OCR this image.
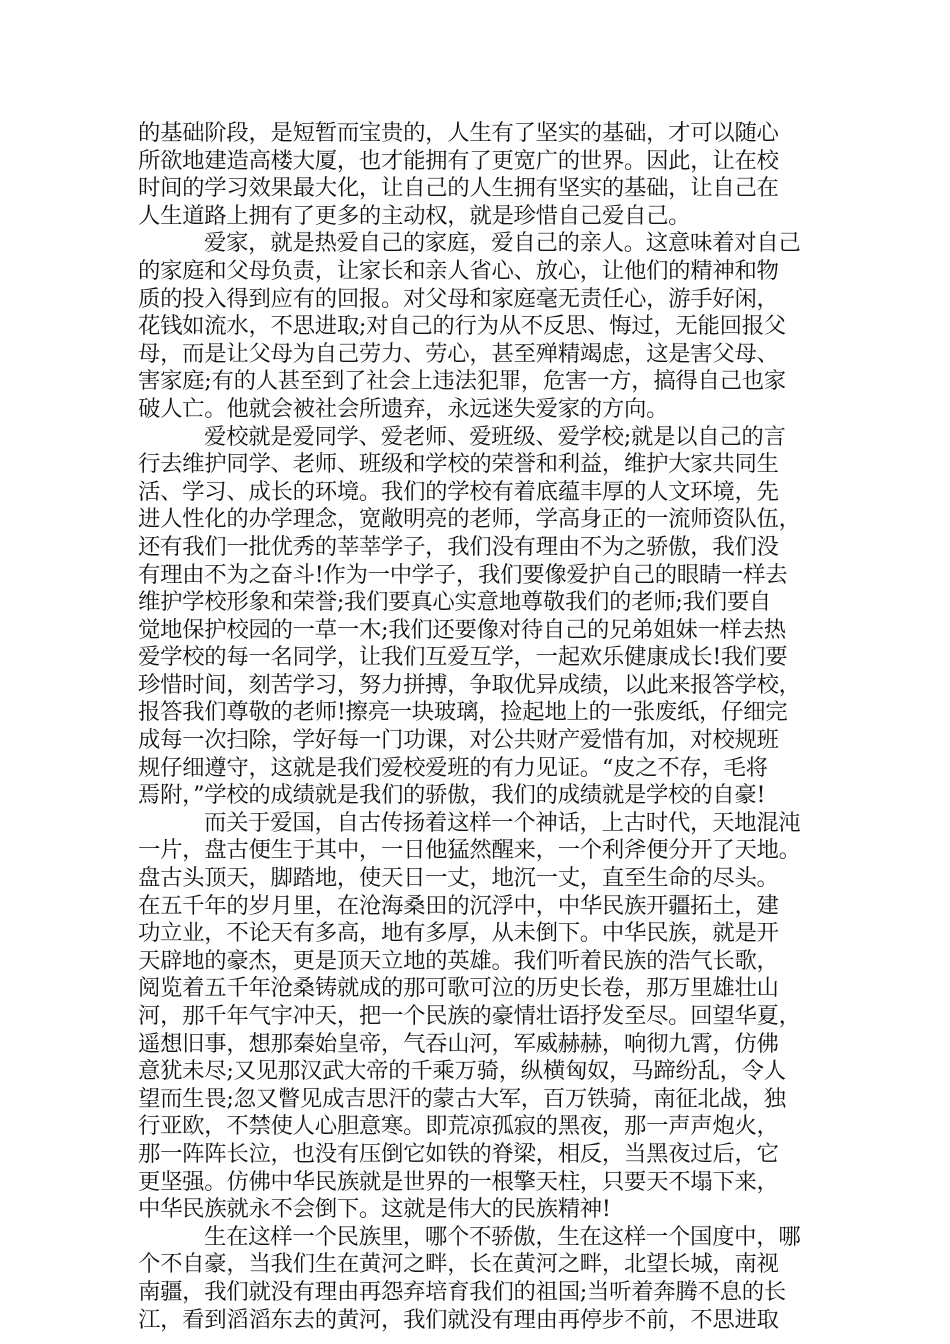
的基础阶段，是短暂而宝贵的，人生有了坚实的基础，才可以随心
所欲地建造高楼大厦，也才能拥有了更宽广的世界。因此，让在校
时间的学习效果最大化，让自己的人生拥有坚实的基础，让自己在
人生道路上拥有了更多的主动权，就是珍惜自己爱自己。
爱家，就是热爱自己的家庭，爱自己的亲人。这意味着对自己
的家庭和父母负责，让家长和亲人省心、放心，让他们的精神和物
质的投入得到应有的回报。对父母和家庭毫无责任心，游手好闲，
花钱如流水，不思进取;对自己的行为从不反思、悔过，无能回报父
母，而是让父母为自己劳力、劳心，甚至殚精竭虑，这是害父母、
害家庭;有的人甚至到了社会上违法犯罪，危害一方，搞得自己也家
破人亡。他就会被社会所遗弃，永远迷失爱家的方向。
爱校就是爱同学、爱老师、爱班级、爱学校;就是以自己的言
行去维护同学、老师、班级和学校的荣誉和利益，维护大家共同生
活、学习、成长的环境。我们的学校有着底蕴丰厚的人文环境，先
进人性化的办学理念，宽敞明亮的老师，学高身正的一流师资队伍，
还有我们一批优秀的莘莘学子，我们没有理由不为之骄傲，我们没
有理由不为之奋斗!作为一中学子，我们要像爱护自己的眼睛一样去
维护学校形象和荣誉;我们要真心实意地尊敬我们的老师;我们要自
觉地保护校园的一草一木;我们还要像对待自己的兄弟姐妹一样去热
爱学校的每一名同学，让我们互爱互学，一起欢乐健康成长!我们要
珍惜时间，刻苦学习，努力拼搏，争取优异成绩，以此来报答学校，
报答我们尊敬的老师!擦亮一块玻璃，捡起地上的一张废纸，仔细完
成每一次扫除，学好每一门功课，对公共财产爱惜有加，对校规班
规仔细遵守，这就是我们爱校爱班的有力见证。“皮之不存，毛将
焉附，”学校的成绩就是我们的骄傲，我们的成绩就是学校的自豪!
而关于爱国，自古传扬着这样一个神话，上古时代，天地混沌
一片，盘古便生于其中，一日他猛然醒来，一个利斧便分开了天地。
盘古头顶天，脚踏地，使天日一丈，地沉一丈，直至生命的尽头。
在五千年的岁月里，在沧海桑田的沉浮中，中华民族开疆拓土，建
功立业，不论天有多高，地有多厚，从未倒下。中华民族，就是开
天辟地的豪杰，更是顶天立地的英雄。我们听着民族的浩气长歌，
阅览着五千年沧桑铸就成的那可歌可泣的历史长卷，那万里雄壮山
河，那千年气宇冲天，把一个民族的豪情壮语抒发至尽。回望华夏，
遥想旧事，想那秦始皇帝，气吞山河，军威赫赫，响彻九霄，仿佛
意犹未尽;又见那汉武大帝的千乘万骑，纵横匈奴，马蹄纷乱，令人
望而生畏;忽又瞥见成吉思汗的蒙古大军，百万铁骑，南征北战，独
行亚欧，不禁使人心胆意寒。即荒凉孤寂的黑夜，那一声声炮火，
那一阵阵长泣，也没有压倒它如铁的脊梁，相反，当黑夜过后，它
更坚强。仿佛中华民族就是世界的一根擎天柱，只要天不塌下来，
中华民族就永不会倒下。这就是伟大的民族精神!
生在这样一个民族里，哪个不骄傲，生在这样一个国度中，哪
个不自豪，当我们生在黄河之畔，长在黄河之畔，北望长城，南视
南疆，我们就没有理由再怨弃培育我们的祖国;当听着奔腾不息的长
江，看到滔滔东去的黄河，我们就没有理由再停步不前，不思进取
